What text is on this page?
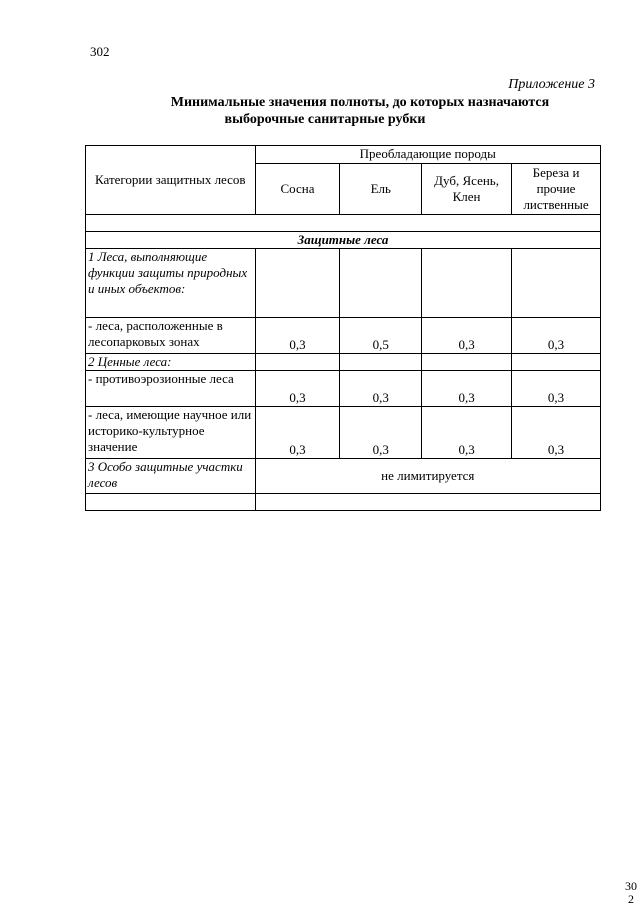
302
Приложение 3
Минимальные значения полноты, до которых назначаются
выборочные санитарные рубки
Категории защитных лесов	Преобладающие породы			
	Сосна	Ель	Дуб, Ясень, Клен	Береза и прочие лиственные

Защитные леса				
1 Леса, выполняющие функции защиты природных и иных объектов:				
- леса, расположенные в лесопарковых зонах	0,3	0,5	0,3	0,3
2 Ценные леса:				
- противоэрозионные леса	0,3	0,3	0,3	0,3
- леса, имеющие научное или историко-культурное значение	0,3	0,3	0,3	0,3
3 Особо защитные участки лесов	не лимитируется			

302
